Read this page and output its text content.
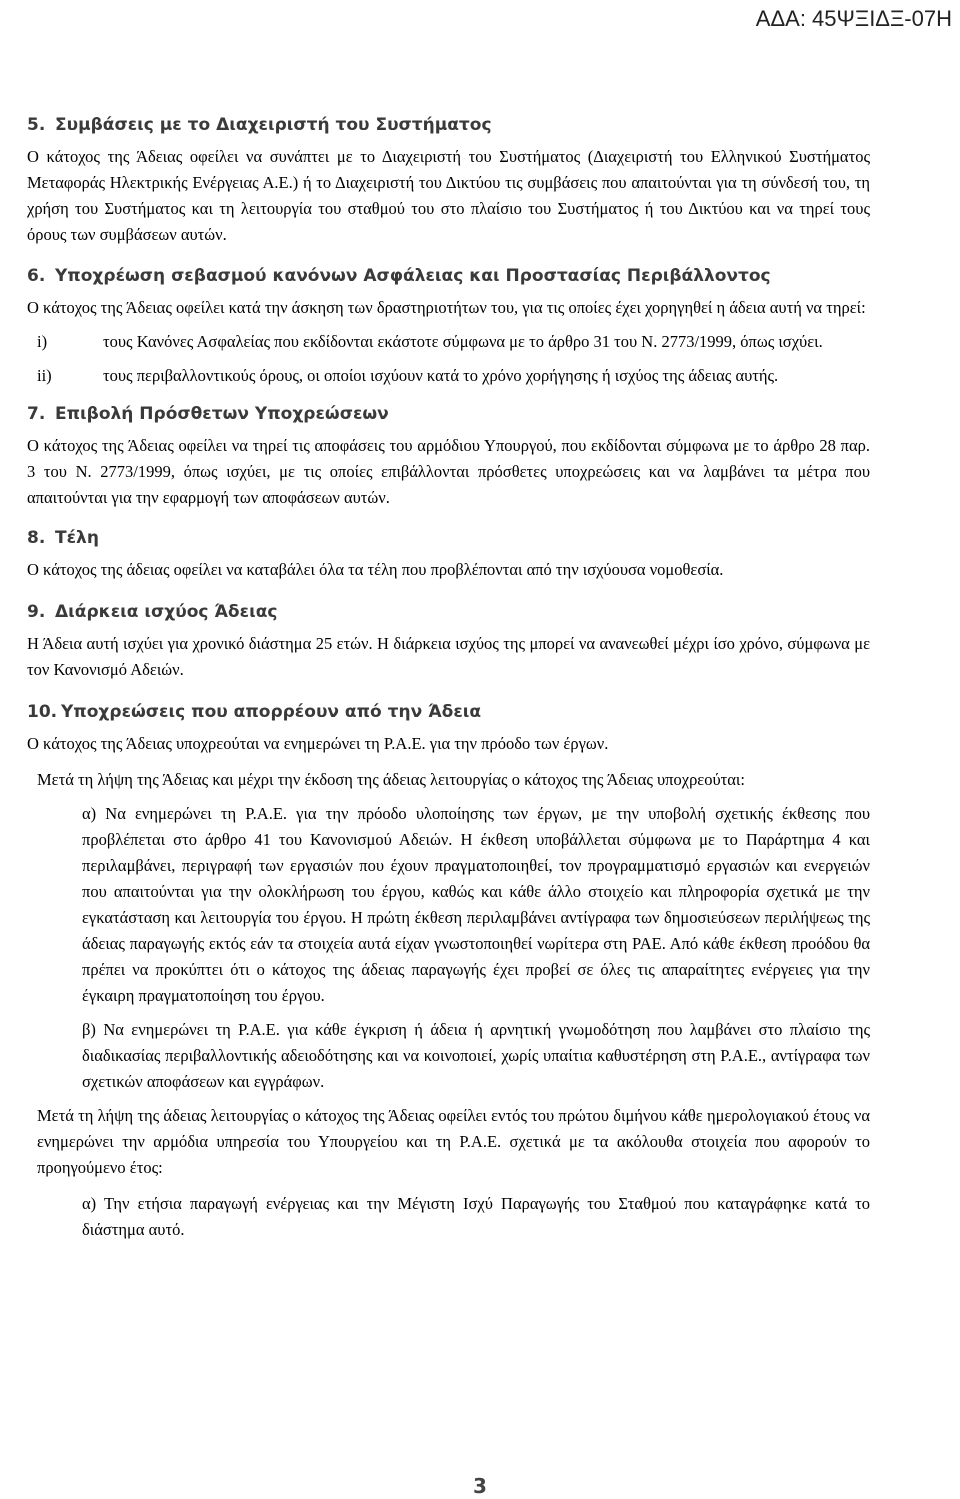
ΑΔΑ: 45ΨΞΙΔΞ-07Η

5. Συμβάσεις με το Διαχειριστή του Συστήματος

Ο κάτοχος της Άδειας οφείλει να συνάπτει με το Διαχειριστή του Συστήματος (Διαχειριστή του Ελληνικού Συστήματος Μεταφοράς Ηλεκτρικής Ενέργειας Α.Ε.) ή το Διαχειριστή του Δικτύου τις συμβάσεις που απαιτούνται για τη σύνδεσή του, τη χρήση του Συστήματος και τη λειτουργία του σταθμού του στο πλαίσιο του Συστήματος ή του Δικτύου και να τηρεί τους όρους των συμβάσεων αυτών.

6. Υποχρέωση σεβασμού κανόνων Ασφάλειας και Προστασίας Περιβάλλοντος

Ο κάτοχος της Άδειας οφείλει κατά την άσκηση των δραστηριοτήτων του, για τις οποίες έχει χορηγηθεί η άδεια αυτή να τηρεί:

i)	τους Κανόνες Ασφαλείας που εκδίδονται εκάστοτε σύμφωνα με το άρθρο 31 του Ν. 2773/1999, όπως ισχύει.
ii)	τους περιβαλλοντικούς όρους, οι οποίοι ισχύουν κατά το χρόνο χορήγησης ή ισχύος της άδειας αυτής.
7. Επιβολή Πρόσθετων Υποχρεώσεων

Ο κάτοχος της Άδειας οφείλει να τηρεί τις αποφάσεις του αρμόδιου Υπουργού, που εκδίδονται σύμφωνα με το άρθρο 28 παρ. 3 του Ν. 2773/1999, όπως ισχύει, με τις οποίες επιβάλλονται πρόσθετες υποχρεώσεις και να λαμβάνει τα μέτρα που απαιτούνται για την εφαρμογή των αποφάσεων αυτών.

8. Τέλη

Ο κάτοχος της άδειας οφείλει να καταβάλει όλα τα τέλη που προβλέπονται από την ισχύουσα νομοθεσία.

9. Διάρκεια ισχύος Άδειας

Η Άδεια αυτή ισχύει για χρονικό διάστημα 25 ετών. Η διάρκεια ισχύος της μπορεί να ανανεωθεί μέχρι ίσο χρόνο, σύμφωνα με τον Κανονισμό Αδειών.

10. Υποχρεώσεις που απορρέουν από την Άδεια

Ο κάτοχος της Άδειας υποχρεούται να ενημερώνει τη Ρ.Α.Ε. για την πρόοδο των έργων.

Μετά τη λήψη της Άδειας και μέχρι την έκδοση της άδειας λειτουργίας ο κάτοχος της Άδειας υποχρεούται:

α) Να ενημερώνει τη Ρ.Α.Ε. για την πρόοδο υλοποίησης των έργων, με την υποβολή σχετικής έκθεσης που προβλέπεται στο άρθρο 41 του Κανονισμού Αδειών. Η έκθεση υποβάλλεται σύμφωνα με το Παράρτημα 4 και περιλαμβάνει, περιγραφή των εργασιών που έχουν πραγματοποιηθεί, τον προγραμματισμό εργασιών και ενεργειών που απαιτούνται για την ολοκλήρωση του έργου, καθώς και κάθε άλλο στοιχείο και πληροφορία σχετικά με την εγκατάσταση και λειτουργία του έργου. Η πρώτη έκθεση περιλαμβάνει αντίγραφα των δημοσιεύσεων περιλήψεως της άδειας παραγωγής εκτός εάν τα στοιχεία αυτά είχαν γνωστοποιηθεί νωρίτερα στη ΡΑΕ. Από κάθε έκθεση προόδου θα πρέπει να προκύπτει ότι ο κάτοχος της άδειας παραγωγής έχει προβεί σε όλες τις απαραίτητες ενέργειες για την έγκαιρη πραγματοποίηση του έργου.

β) Να ενημερώνει τη Ρ.Α.Ε. για κάθε έγκριση ή άδεια ή αρνητική γνωμοδότηση που λαμβάνει στο πλαίσιο της διαδικασίας περιβαλλοντικής αδειοδότησης και να κοινοποιεί, χωρίς υπαίτια καθυστέρηση στη Ρ.Α.Ε., αντίγραφα των σχετικών αποφάσεων και εγγράφων.

Μετά τη λήψη της άδειας λειτουργίας ο κάτοχος της Άδειας οφείλει εντός του πρώτου διμήνου κάθε ημερολογιακού έτους να ενημερώνει την αρμόδια υπηρεσία του Υπουργείου και τη Ρ.Α.Ε. σχετικά με τα ακόλουθα στοιχεία που αφορούν το προηγούμενο έτος:

α) Την ετήσια παραγωγή ενέργειας και την Μέγιστη Ισχύ Παραγωγής του Σταθμού που καταγράφηκε κατά το διάστημα αυτό.

3
